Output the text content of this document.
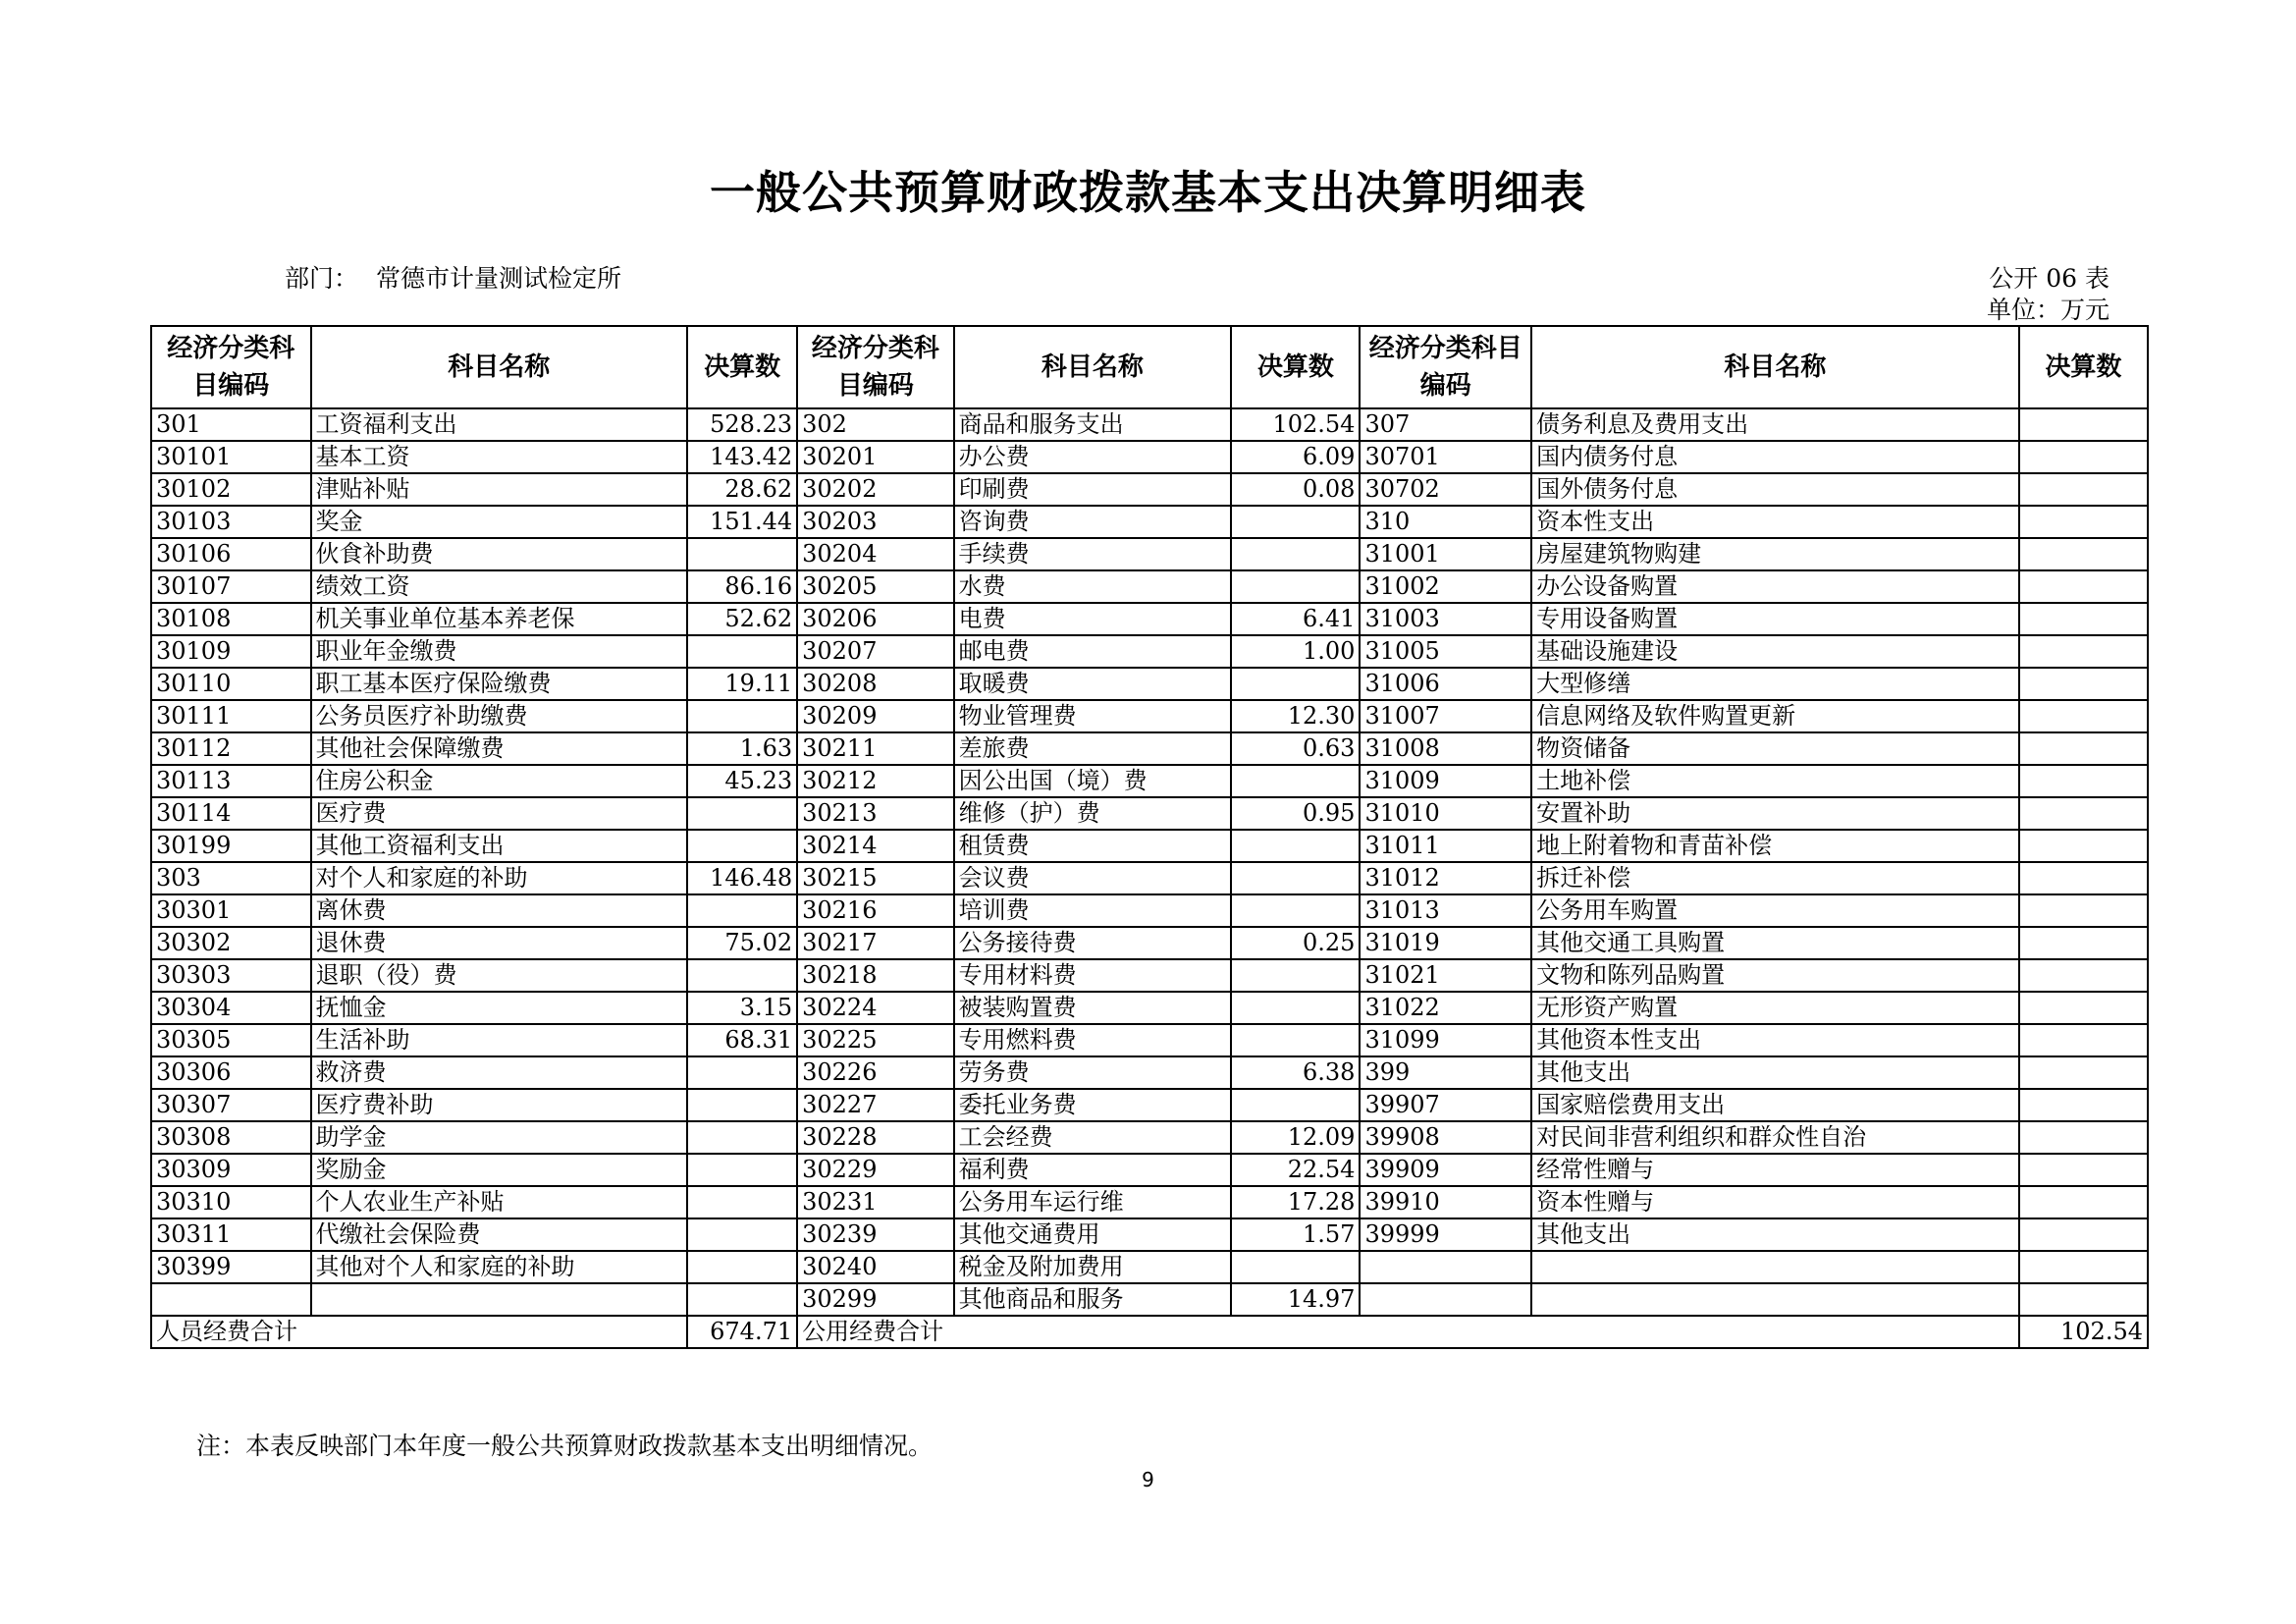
一般公共预算财政拨款基本支出决算明细表
部门： 常德市计量测试检定所	公开 06 表
单位：万元
经济分类科目编码	科目名称	决算数	经济分类科目编码	科目名称	决算数	经济分类科目编码	科目名称	决算数
301	工资福利支出	528.23	302	商品和服务支出	102.54	307	债务利息及费用支出	
30101	基本工资	143.42	30201	办公费	6.09	30701	国内债务付息	
30102	津贴补贴	28.62	30202	印刷费	0.08	30702	国外债务付息	
30103	奖金	151.44	30203	咨询费		310	资本性支出	
30106	伙食补助费		30204	手续费		31001	房屋建筑物购建	
30107	绩效工资	86.16	30205	水费		31002	办公设备购置	
30108	机关事业单位基本养老保	52.62	30206	电费	6.41	31003	专用设备购置	
30109	职业年金缴费		30207	邮电费	1.00	31005	基础设施建设	
30110	职工基本医疗保险缴费	19.11	30208	取暖费		31006	大型修缮	
30111	公务员医疗补助缴费		30209	物业管理费	12.30	31007	信息网络及软件购置更新	
30112	其他社会保障缴费	1.63	30211	差旅费	0.63	31008	物资储备	
30113	住房公积金	45.23	30212	因公出国（境）费		31009	土地补偿	
30114	医疗费		30213	维修（护）费	0.95	31010	安置补助	
30199	其他工资福利支出		30214	租赁费		31011	地上附着物和青苗补偿	
303	对个人和家庭的补助	146.48	30215	会议费		31012	拆迁补偿	
30301	离休费		30216	培训费		31013	公务用车购置	
30302	退休费	75.02	30217	公务接待费	0.25	31019	其他交通工具购置	
30303	退职（役）费		30218	专用材料费		31021	文物和陈列品购置	
30304	抚恤金	3.15	30224	被装购置费		31022	无形资产购置	
30305	生活补助	68.31	30225	专用燃料费		31099	其他资本性支出	
30306	救济费		30226	劳务费	6.38	399	其他支出	
30307	医疗费补助		30227	委托业务费		39907	国家赔偿费用支出	
30308	助学金		30228	工会经费	12.09	39908	对民间非营利组织和群众性自治	
30309	奖励金		30229	福利费	22.54	39909	经常性赠与	
30310	个人农业生产补贴		30231	公务用车运行维	17.28	39910	资本性赠与	
30311	代缴社会保险费		30239	其他交通费用	1.57	39999	其他支出	
30399	其他对个人和家庭的补助		30240	税金及附加费用				
			30299	其他商品和服务	14.97			
人员经费合计		674.71	公用经费合计					102.54
注：本表反映部门本年度一般公共预算财政拨款基本支出明细情况。
9
